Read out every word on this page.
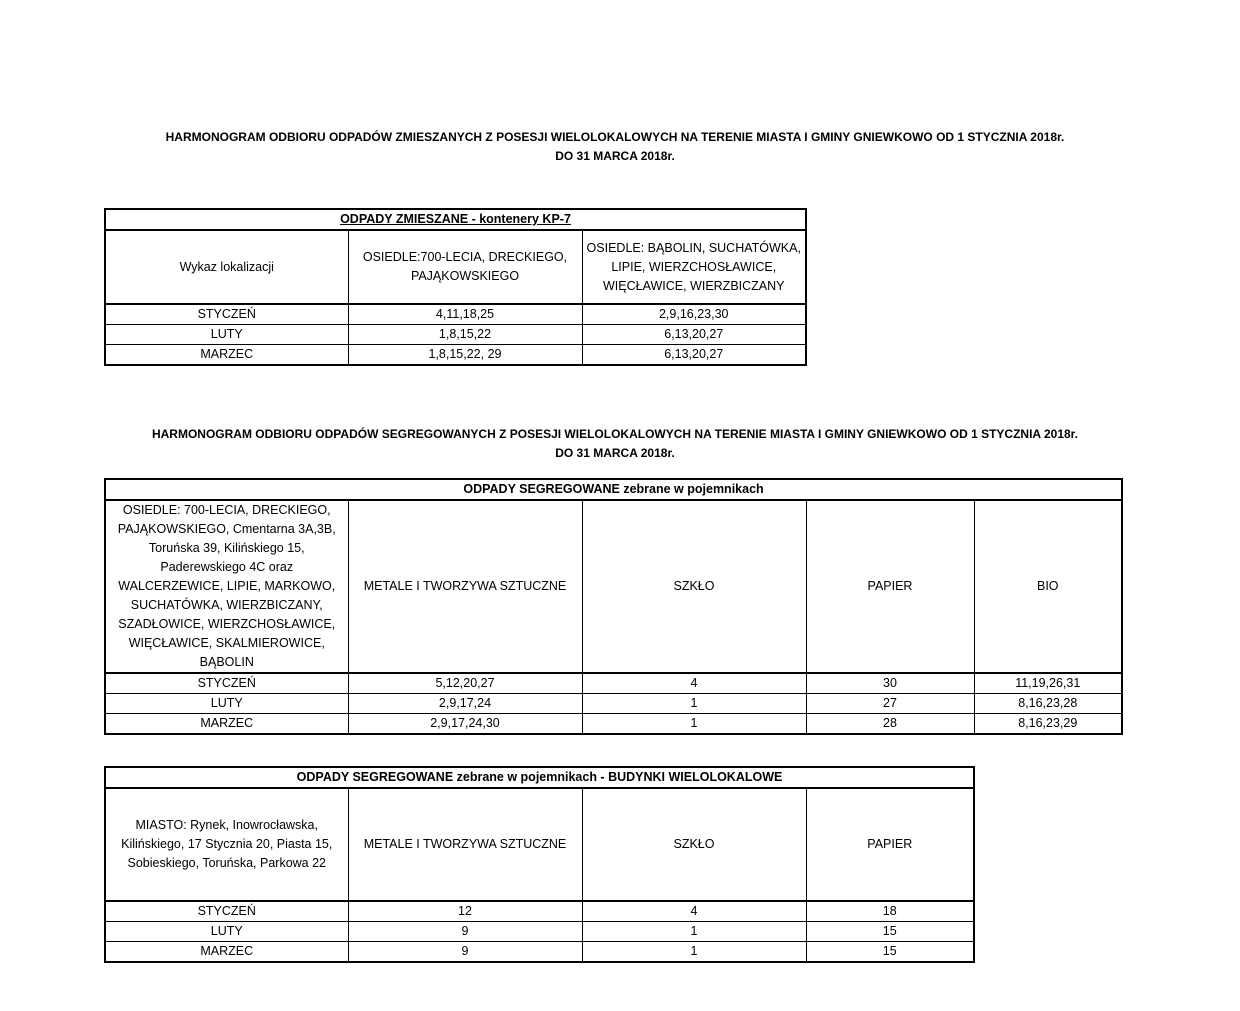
HARMONOGRAM ODBIORU ODPADÓW ZMIESZANYCH Z POSESJI WIELOLOKALOWYCH NA TERENIE MIASTA I GMINY GNIEWKOWO OD 1 STYCZNIA 2018r.
DO 31 MARCA 2018r.
ODPADY ZMIESZANE - kontenery KP-7		
Wykaz lokalizacji	OSIEDLE:700-LECIA, DRECKIEGO, PAJĄKOWSKIEGO	OSIEDLE: BĄBOLIN, SUCHATÓWKA, LIPIE, WIERZCHOSŁAWICE, WIĘCŁAWICE, WIERZBICZANY
STYCZEŃ	4,11,18,25	2,9,16,23,30
LUTY	1,8,15,22	6,13,20,27
MARZEC	1,8,15,22, 29	6,13,20,27
HARMONOGRAM ODBIORU ODPADÓW SEGREGOWANYCH Z POSESJI WIELOLOKALOWYCH NA TERENIE MIASTA I GMINY GNIEWKOWO OD 1 STYCZNIA 2018r.
DO 31 MARCA 2018r.
ODPADY SEGREGOWANE zebrane w pojemnikach				
OSIEDLE: 700-LECIA, DRECKIEGO, PAJĄKOWSKIEGO, Cmentarna 3A,3B, Toruńska 39, Kilińskiego 15, Paderewskiego 4C oraz WALCERZEWICE, LIPIE, MARKOWO, SUCHATÓWKA, WIERZBICZANY, SZADŁOWICE, WIERZCHOSŁAWICE, WIĘCŁAWICE, SKALMIEROWICE, BĄBOLIN	METALE I TWORZYWA SZTUCZNE	SZKŁO	PAPIER	BIO
STYCZEŃ	5,12,20,27	4	30	11,19,26,31
LUTY	2,9,17,24	1	27	8,16,23,28
MARZEC	2,9,17,24,30	1	28	8,16,23,29
ODPADY SEGREGOWANE zebrane w pojemnikach - BUDYNKI WIELOLOKALOWE			
MIASTO: Rynek, Inowrocławska, Kilińskiego, 17 Stycznia 20, Piasta 15, Sobieskiego, Toruńska, Parkowa 22	METALE I TWORZYWA SZTUCZNE	SZKŁO	PAPIER
STYCZEŃ	12	4	18
LUTY	9	1	15
MARZEC	9	1	15
